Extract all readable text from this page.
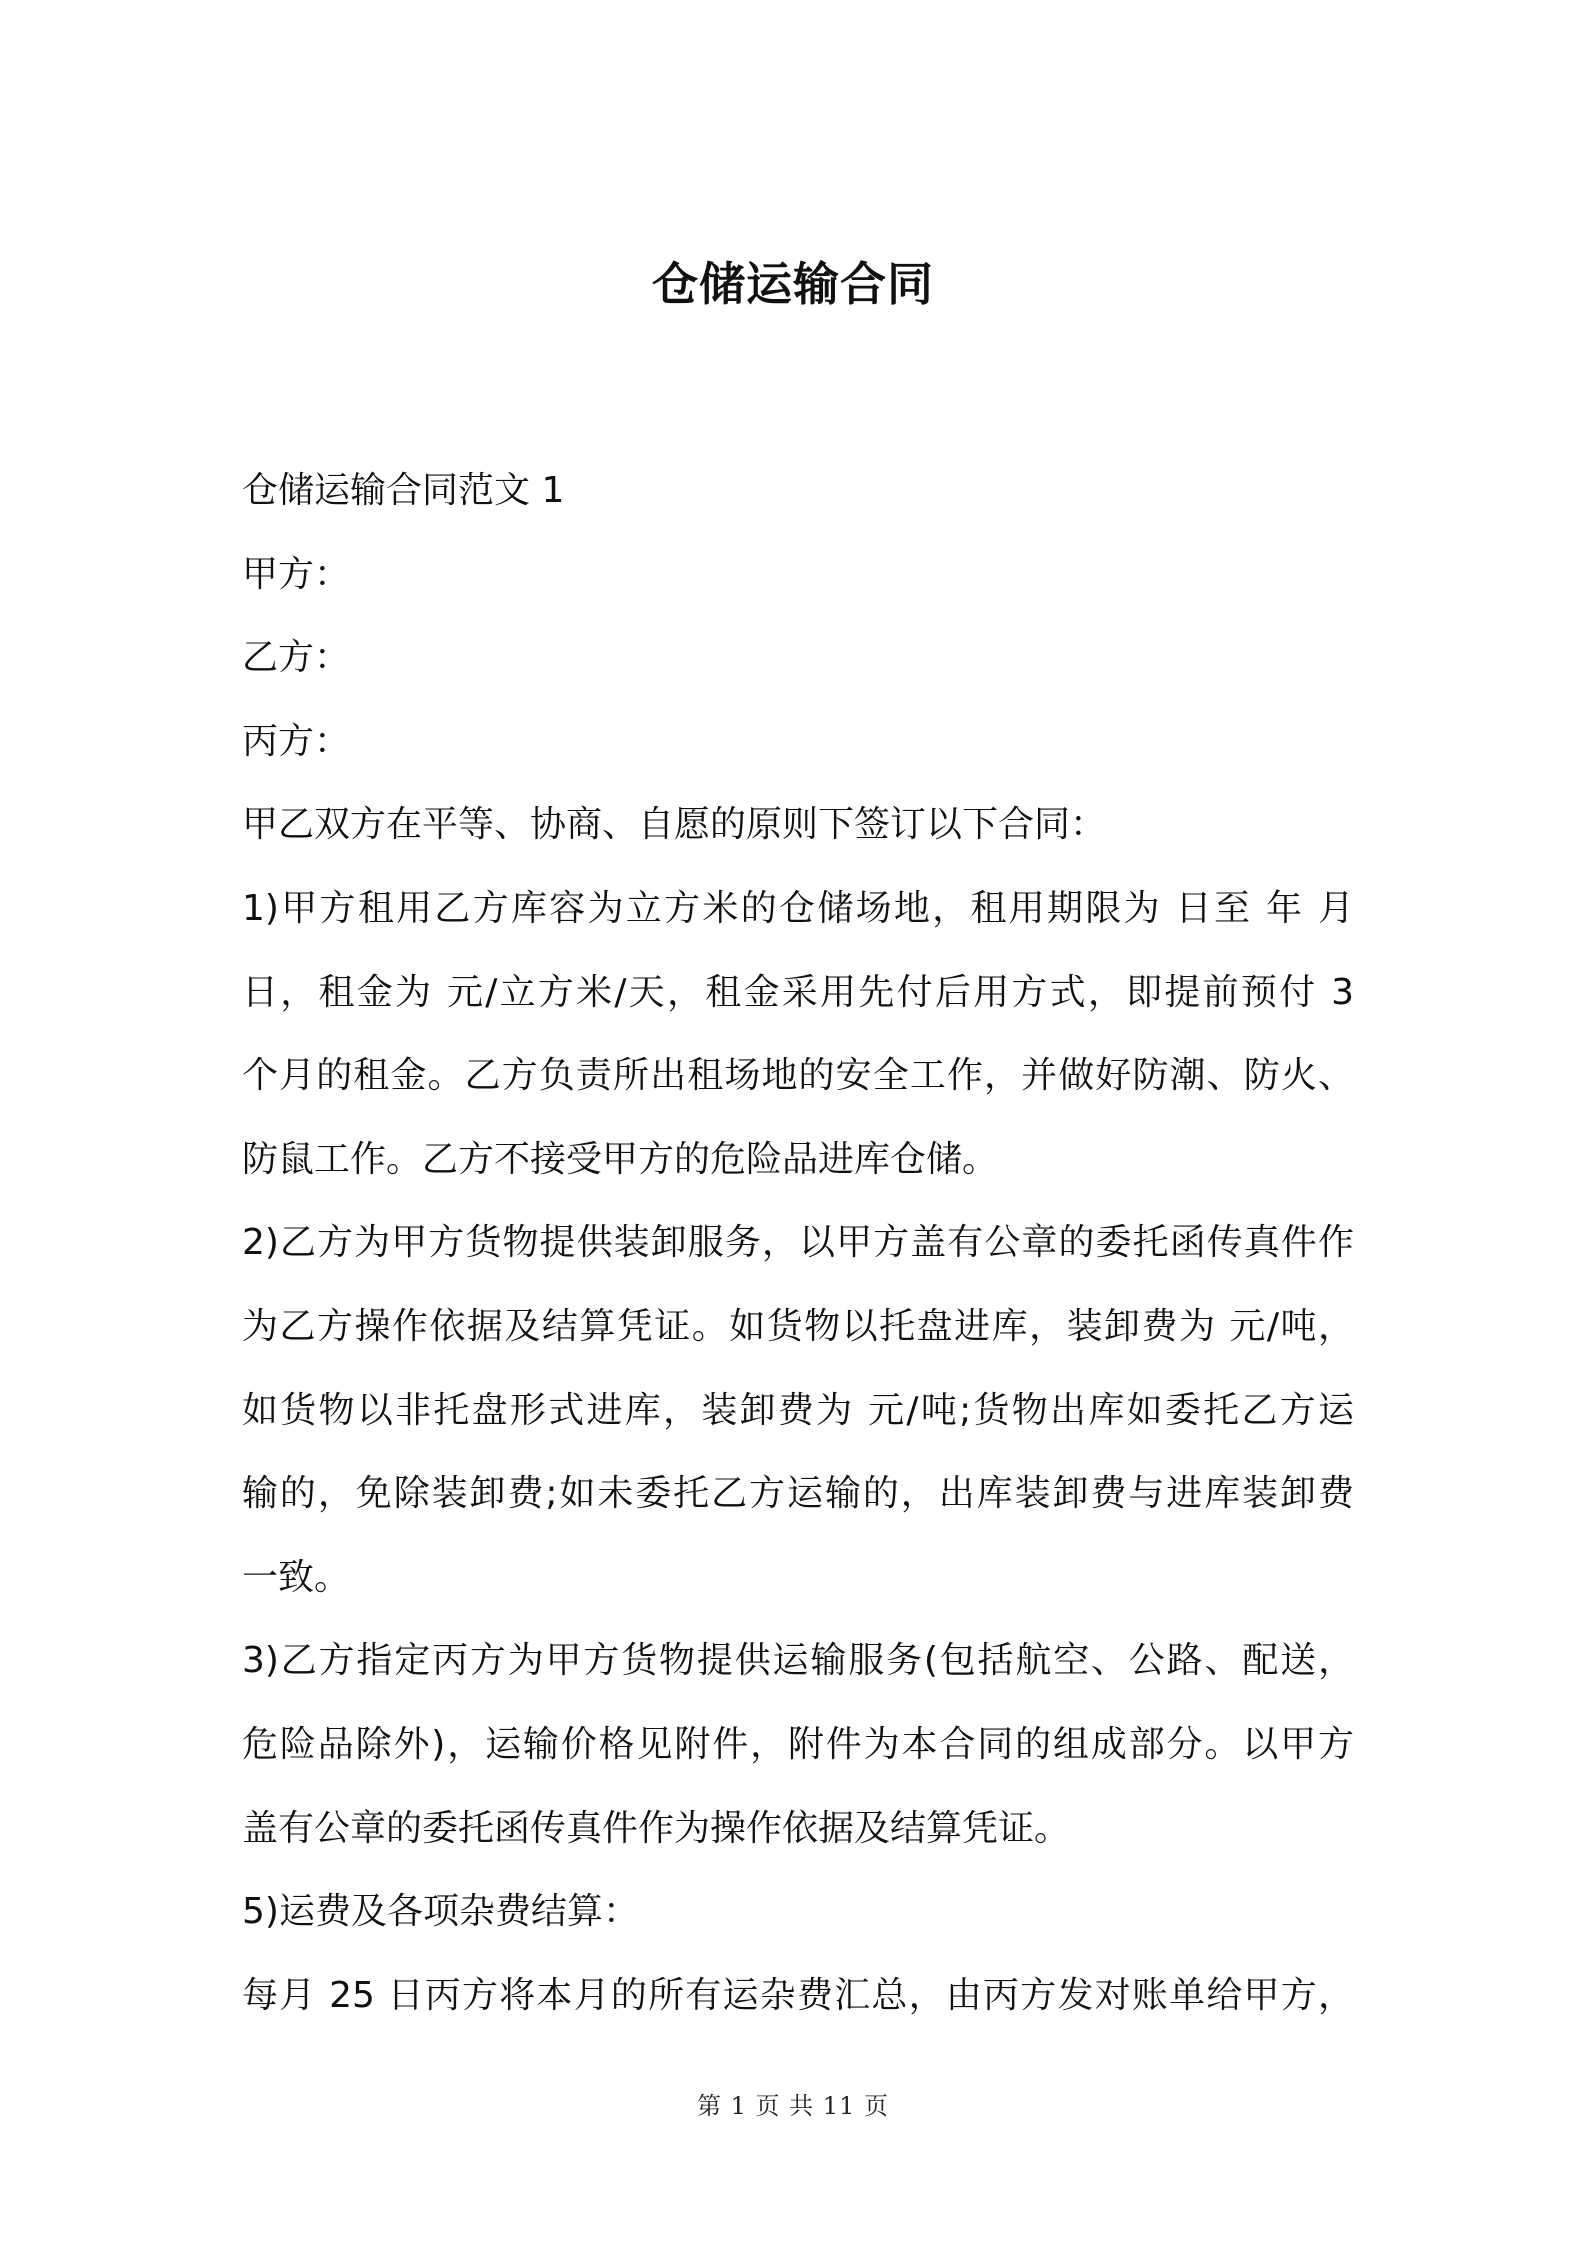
仓储运输合同

仓储运输合同范文 1

甲方：

乙方：

丙方：

甲乙双方在平等、协商、自愿的原则下签订以下合同：

1)甲方租用乙方库容为立方米的仓储场地，租用期限为 日至 年 月

日，租金为 元/立方米/天，租金采用先付后用方式，即提前预付 3

个月的租金。乙方负责所出租场地的安全工作，并做好防潮、防火、

防鼠工作。乙方不接受甲方的危险品进库仓储。

2)乙方为甲方货物提供装卸服务，以甲方盖有公章的委托函传真件作

为乙方操作依据及结算凭证。如货物以托盘进库，装卸费为 元/吨，

如货物以非托盘形式进库，装卸费为 元/吨;货物出库如委托乙方运

输的，免除装卸费;如未委托乙方运输的，出库装卸费与进库装卸费

一致。

3)乙方指定丙方为甲方货物提供运输服务(包括航空、公路、配送，

危险品除外)，运输价格见附件，附件为本合同的组成部分。以甲方

盖有公章的委托函传真件作为操作依据及结算凭证。

5)运费及各项杂费结算：

每月 25 日丙方将本月的所有运杂费汇总，由丙方发对账单给甲方，

第 1 页 共 11 页
